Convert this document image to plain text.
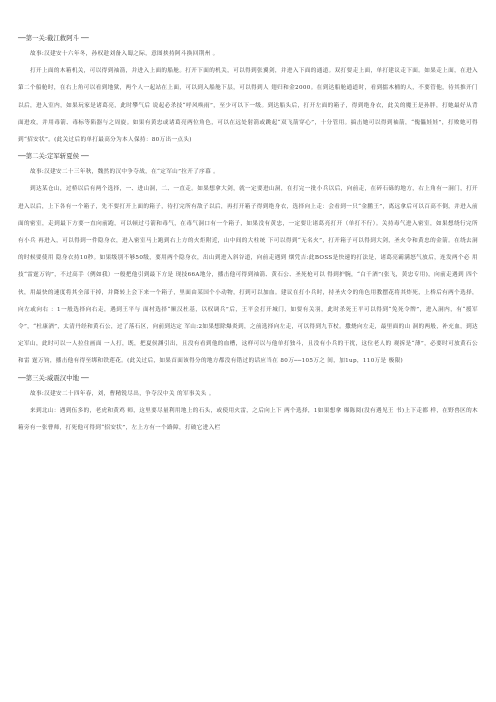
──第一关:截江救阿斗 ──

故事:汉建安十六年冬，孙权趁刘备入蜀之际，意图挟持阿斗换回荆州 。

打开上面的木箱机关，可以得到袖箭，并进入上面的船舱。打开下面的机关，可以得到张翼剑，并进入下面的通道。双打要走上面，单打建议走下面。如果走上面，在进入第二个船舱时，在右上角可以看到地狱，两个人一起站在上面，可以到入船舱下层，可以得到人 翅归和金2000。在到达船舱通道时，看到擂木桶的人，不要管他，待其推开门以后，进入室内，如果玩家是诸葛亮，此时攀气后 说起必杀技“呼风唤雨”，至少可以下一级。到达船头后，打开左面的箱子，得到绝身衣，此关的魔王是孙胖，打她最好从背面进攻，并用毒箭、毒标等陷器与之周旋。如果有黄忠或诸葛亮两位角色，可以在远处射箭或跳起“双飞箭穿心”，十分管用。搞击她可以得到袖箭，“傀儡娃娃”，打败她可得到“招安状”。(此关过后的单打最高分为本人保持：80万出一点头)

──第二关:定军斩夏侯 ──

故事:汉建安二十三年秋，魏然的汉中争夺战，在“定军山”拉开了序幕 。

到达某仓山，过桥以后有两个选择，一、进山洞，二、一直走。如果想拿大剑，就一定要进山洞，在打完一批小兵以后，向前走，在碎石砾的地方，右上角有一洞门，打开进入以后，上下各有一个箱子，先不要打开上面的箱子，待打完所有敌子以后，再打开箱子得到绝身衣，选择向上走：会看到一只“金鹏王”，离远拿后可以百高不倒，并进入前面的密室，走到最下方要一直向前跑，可以顿过弓箭和毒气，在毒气洞口有一个箱子，如果没有黄忠，一定要让诸葛亮打开（单打不行）。关持毒气进入密室，如果想绕行完所有小兵 再进入，可以得到一件隐身衣，进入密室马上跑到右上方的火炬附近，山中间的大柱统 下可以得到“无名火”，打开箱子可以得到大剑，圣火令和黄忠的金箭。在绕去洞的时候要使用 隐身衣持10秒。如果级别不够50级，要用两个隐身衣，出山到进入斜谷道，向前走遇到 烟凭吉:此BOSS是快速的打法是，诸葛亮霸满怒气放后，连发两个必 用技“雷霆万钧”，不过高手（例如我）一般把他引到最下方是 现技66A地分，播击他可得到袖箭、黄石公、圣死枪可以 得到护腕，“白千酒”(张飞，黄忠专用)，向前走遇到 四个伙，用最快的速度将其全部干掉，并降转上会下来一个箱子，里面由某国个小动物，打到可以加血。建议在打小兵时，持圣火令的角色用教摆花将其炸死，上桥后有两个选择，向左或向右 ：1一般选择向右走，遇到王平与 面村选择“顺汉杜基，以权调兵”后，王平会打开城门，如要有关羽，此时杀死王平可以得到“免死令牌”，进入洞内，有“援军令”，“杜康酒”，太清丹经和黄石公，过了落石区，向前到达定 军山:2如果想除爆炎到，之前选择向左走，可以得到九节杖。撒烧向左走，最里面的山 洞的两般，补充血，到达定军山，此时可以一人拉住画面 一人打，既，把夏侯渊引出，且没有看到他的血槽，这样可以与他单打独斗，且没有小兵的干扰，这位老人的 观拆是“薄”，必要时可放黄石公和雷 霆万钧，播击他有得至绑和铁莲花。(此关过后，如果首面该得分的地方都没有错过的话应当在 80万──105万之 间，加1up，110万是 极限)

──第三关:威震汉中地 ──

故事:汉建安二十四年春，刘，曹精锐尽出，争夺汉中关 的军事关头 。

来到北山：遇到伍多的，老虎和黄鸡 师，这里要尽量利用地上的石头，或使用火雷，之后向上下 两个选择，1如果想拿 爆陈阅(没有遇见王 书)上下走都 样，在野兽区的木箱旁有一张曹师，打死他可得到“招安状”，左上方有一个路障，打破它进入栏
